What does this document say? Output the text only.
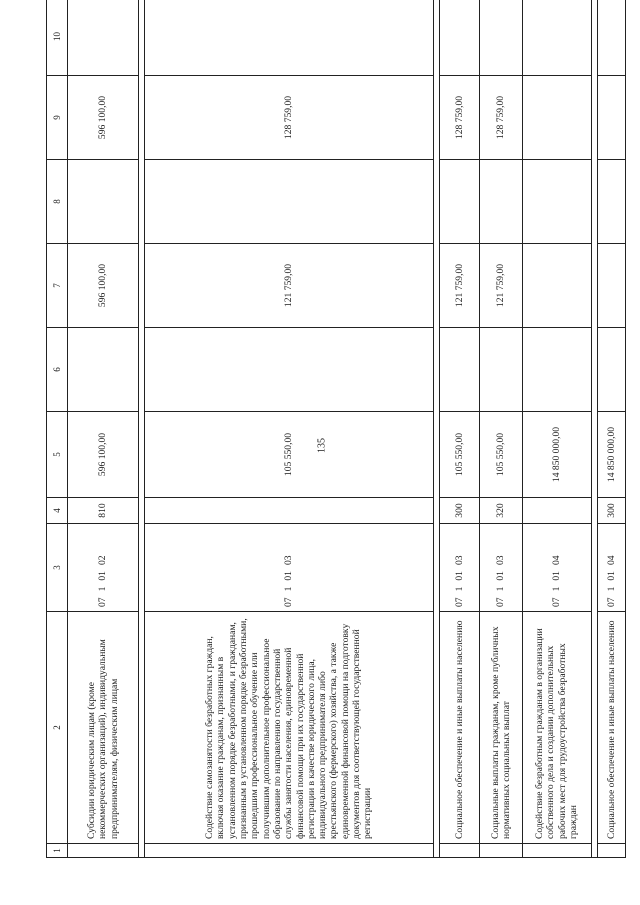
135
1	2	3	4	5	6	7	8	9	10
	Субсидии юридическим лицам (кроме некоммерческих организаций), индивидуальным предпринимателям, физическим лицам	0710102	810	596 100,00		596 100,00		596 100,00	

	Содействие самозанятости безработных граждан, включая оказание гражданам, признанным в установленном порядке безработными, и гражданам, признанным в установленном порядке безработными, прошедшим профессиональное обучение или получившим дополнительное профессиональное образование по направлению государственной службы занятости населения, единовременной финансовой помощи при их государственной регистрации в качестве юридического лица, индивидуального предпринимателя либо крестьянского (фермерского) хозяйства, а также единовременной финансовой помощи на подготовку документов для соответствующей государственной регистрации	0710103		105 550,00		121 759,00		128 759,00	

	Социальное обеспечение и иные выплаты населению	0710103	300	105 550,00		121 759,00		128 759,00	
	Социальные выплаты гражданам, кроме публичных нормативных социальных выплат	0710103	320	105 550,00		121 759,00		128 759,00	
	Содействие безработным гражданам в организации собственного дела и создании дополнительных рабочих мест для трудоустройства безработных граждан	0710104		14 850 000,00					

	Социальное обеспечение и иные выплаты населению	0710104	300	14 850 000,00					
